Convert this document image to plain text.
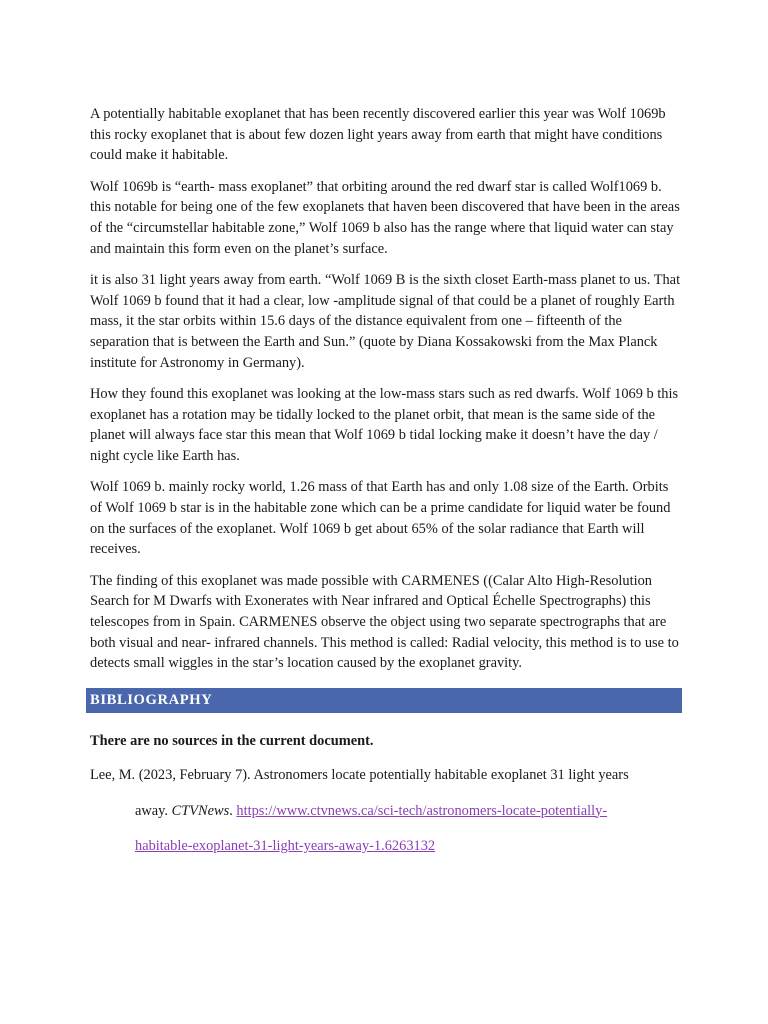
A potentially habitable exoplanet that has been recently discovered earlier this year was Wolf 1069b this rocky exoplanet that is about few dozen light years away from earth that might have conditions could make it habitable.

Wolf 1069b is “earth- mass exoplanet” that orbiting around the red dwarf star is called Wolf1069 b. this notable for being one of the few exoplanets that haven been discovered that have been in the areas of the “circumstellar habitable zone,” Wolf 1069 b also has the range where that liquid water can stay and maintain this form even on the planet’s surface.

it is also 31 light years away from earth. “Wolf 1069 B is the sixth closet Earth-mass planet to us. That Wolf 1069 b found that it had a clear, low -amplitude signal of that could be a planet of roughly Earth mass, it the star orbits within 15.6 days of the distance equivalent from one – fifteenth of the separation that is between the Earth and Sun.” (quote by Diana Kossakowski from the Max Planck institute for Astronomy in Germany).

How they found this exoplanet was looking at the low-mass stars such as red dwarfs. Wolf 1069 b this exoplanet has a rotation may be tidally locked to the planet orbit, that mean is the same side of the planet will always face star this mean that Wolf 1069 b tidal locking make it doesn’t have the day / night cycle like Earth has.

Wolf 1069 b. mainly rocky world, 1.26 mass of that Earth has and only 1.08 size of the Earth. Orbits of Wolf 1069 b star is in the habitable zone which can be a prime candidate for liquid water be found on the surfaces of the exoplanet. Wolf 1069 b get about 65% of the solar radiance that Earth will receives.

The finding of this exoplanet was made possible with CARMENES ((Calar Alto High-Resolution Search for M Dwarfs with Exonerates with Near infrared and Optical Échelle Spectrographs) this telescopes from in Spain. CARMENES observe the object using two separate spectrographs that are both visual and near- infrared channels. This method is called: Radial velocity, this method is to use to detects small wiggles in the star’s location caused by the exoplanet gravity.

BIBLIOGRAPHY

There are no sources in the current document.

Lee, M. (2023, February 7). Astronomers locate potentially habitable exoplanet 31 light years
away. CTVNews. https://www.ctvnews.ca/sci-tech/astronomers-locate-potentially-
habitable-exoplanet-31-light-years-away-1.6263132
